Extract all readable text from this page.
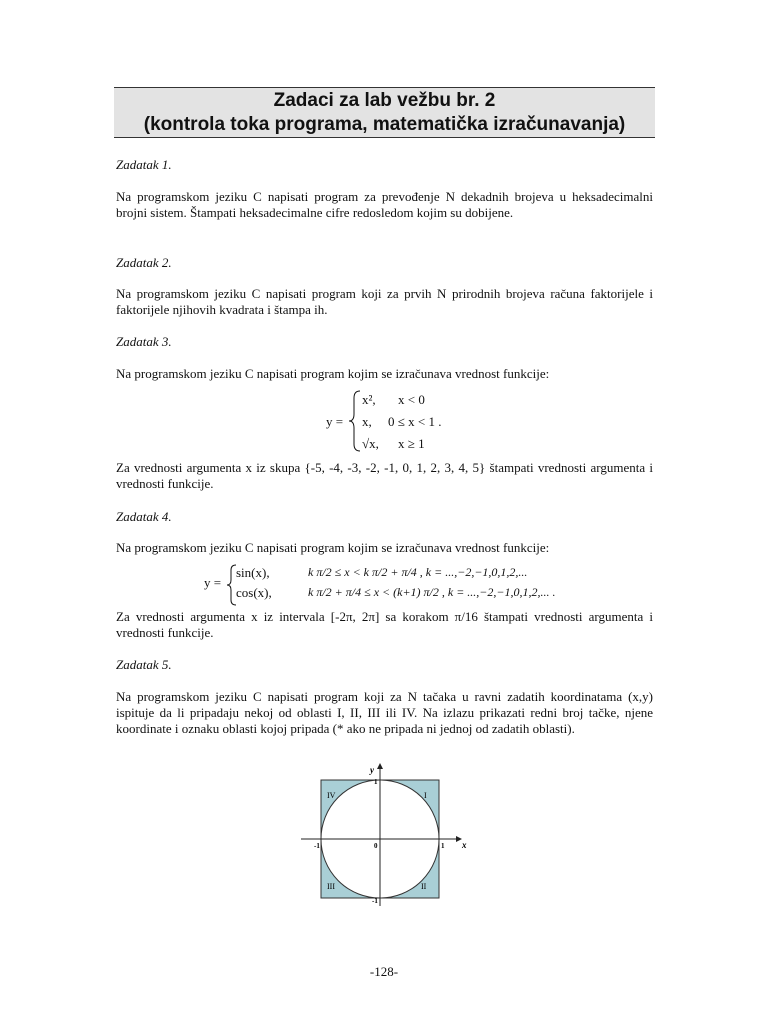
Zadaci za lab vežbu br. 2
(kontrola toka programa, matematička izračunavanja)
Zadatak 1.
Na programskom jeziku C napisati program za prevođenje N dekadnih brojeva u heksadecimalni brojni sistem. Štampati heksadecimalne cifre redosledom kojim su dobijene.
Zadatak 2.
Na programskom jeziku C napisati program koji za prvih N prirodnih brojeva računa faktorijele i faktorijele njihovih kvadrata i štampa ih.
Zadatak 3.
Na programskom jeziku C napisati program kojim se izračunava vrednost funkcije:
y =
x², x < 0
x, 0 ≤ x < 1 .
√x, x ≥ 1
Za vrednosti argumenta x iz skupa {-5, -4, -3, -2, -1, 0, 1, 2, 3, 4, 5} štampati vrednosti argumenta i vrednosti funkcije.
Zadatak 4.
Na programskom jeziku C napisati program kojim se izračunava vrednost funkcije:
y =
sin(x),	k π/2 ≤ x < k π/2 + π/4 , k = ...,−2,−1,0,1,2,...
cos(x),	k π/2 + π/4 ≤ x < (k+1) π/2 , k = ...,−2,−1,0,1,2,... .
Za vrednosti argumenta x iz intervala [-2π, 2π] sa korakom π/16 štampati vrednosti argumenta i vrednosti funkcije.
Zadatak 5.
Na programskom jeziku C napisati program koji za N tačaka u ravni zadatih koordinatama (x,y) ispituje da li pripadaju nekoj od oblasti I, II, III ili IV. Na izlazu prikazati redni broj tačke, njene koordinate i oznaku oblasti kojoj pripada (* ako ne pripada ni jednoj od zadatih oblasti).
y
x
1
-1
-1	1
0
I
II
III
IV
-128-
